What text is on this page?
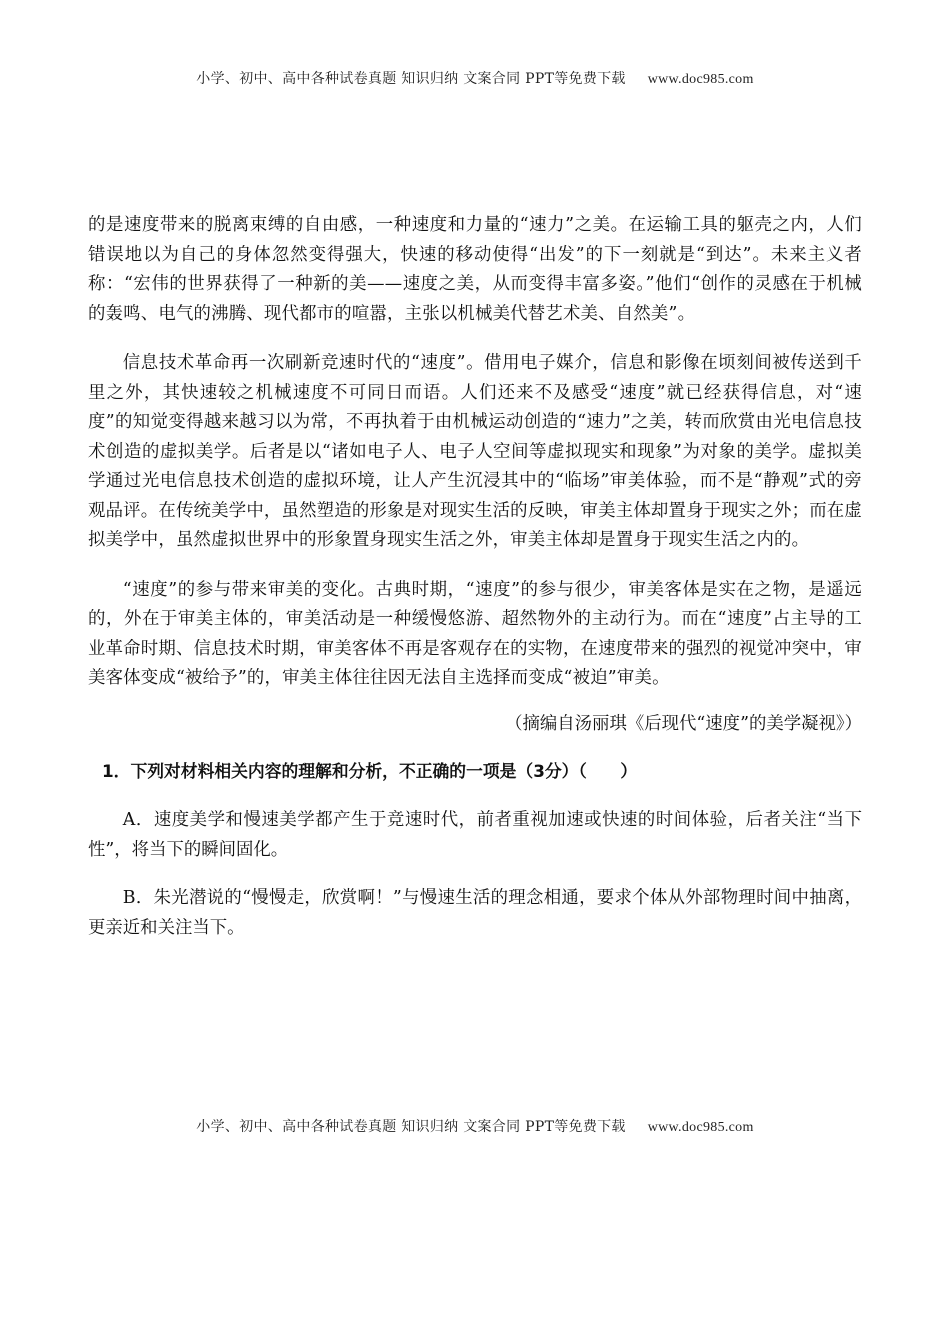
小学、初中、高中各种试卷真题 知识归纳 文案合同 PPT等免费下载 www.doc985.com

的是速度带来的脱离束缚的自由感，一种速度和力量的“速力”之美。在运输工具的躯壳之内，人们错误地以为自己的身体忽然变得强大，快速的移动使得“出发”的下一刻就是“到达”。未来主义者称：“宏伟的世界获得了一种新的美——速度之美，从而变得丰富多姿。”他们“创作的灵感在于机械的轰鸣、电气的沸腾、现代都市的喧嚣，主张以机械美代替艺术美、自然美”。

信息技术革命再一次刷新竞速时代的“速度”。借用电子媒介，信息和影像在顷刻间被传送到千里之外，其快速较之机械速度不可同日而语。人们还来不及感受“速度”就已经获得信息，对“速度”的知觉变得越来越习以为常，不再执着于由机械运动创造的“速力”之美，转而欣赏由光电信息技术创造的虚拟美学。后者是以“诸如电子人、电子人空间等虚拟现实和现象”为对象的美学。虚拟美学通过光电信息技术创造的虚拟环境，让人产生沉浸其中的“临场”审美体验，而不是“静观”式的旁观品评。在传统美学中，虽然塑造的形象是对现实生活的反映，审美主体却置身于现实之外；而在虚拟美学中，虽然虚拟世界中的形象置身现实生活之外，审美主体却是置身于现实生活之内的。

“速度”的参与带来审美的变化。古典时期，“速度”的参与很少，审美客体是实在之物，是遥远的，外在于审美主体的，审美活动是一种缓慢悠游、超然物外的主动行为。而在“速度”占主导的工业革命时期、信息技术时期，审美客体不再是客观存在的实物，在速度带来的强烈的视觉冲突中，审美客体变成“被给予”的，审美主体往往因无法自主选择而变成“被迫”审美。

（摘编自汤丽琪《后现代“速度”的美学凝视》）
1．下列对材料相关内容的理解和分析，不正确的一项是（3分）（　　）

A．速度美学和慢速美学都产生于竞速时代，前者重视加速或快速的时间体验，后者关注“当下性”，将当下的瞬间固化。

B．朱光潜说的“慢慢走，欣赏啊！”与慢速生活的理念相通，要求个体从外部物理时间中抽离，更亲近和关注当下。

小学、初中、高中各种试卷真题 知识归纳 文案合同 PPT等免费下载 www.doc985.com
